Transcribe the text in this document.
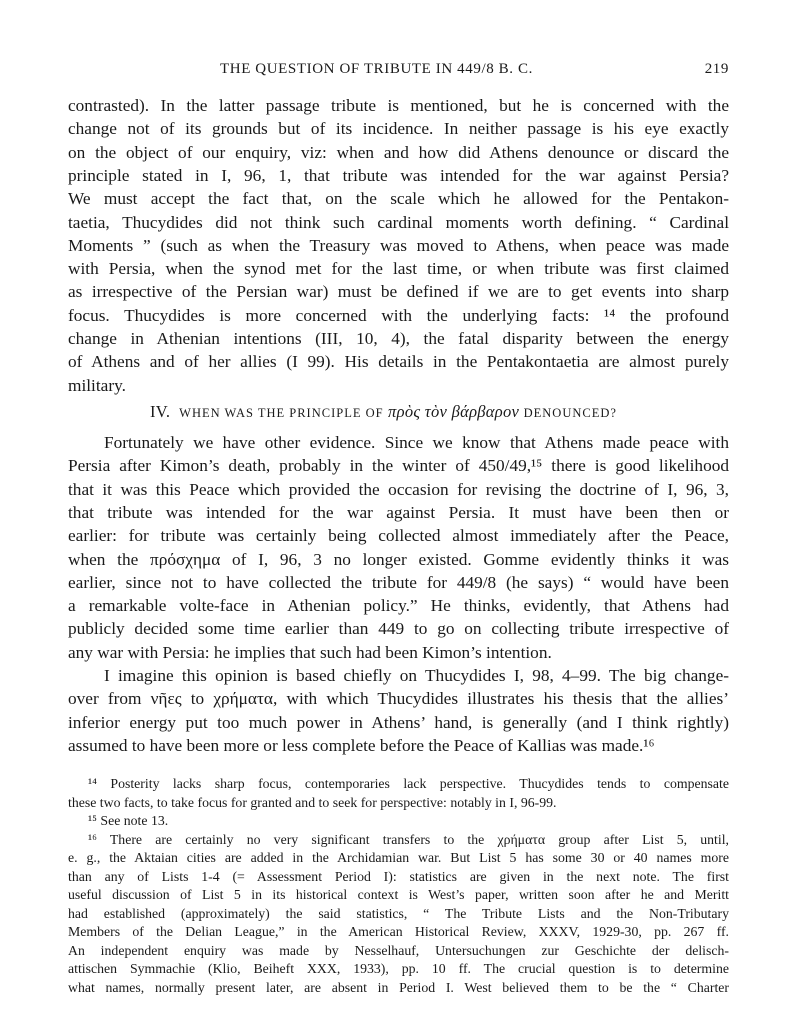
THE QUESTION OF TRIBUTE IN 449/8 B. C.	219
contrasted). In the latter passage tribute is mentioned, but he is concerned with the
change not of its grounds but of its incidence. In neither passage is his eye exactly
on the object of our enquiry, viz: when and how did Athens denounce or discard the
principle stated in I, 96, 1, that tribute was intended for the war against Persia?
We must accept the fact that, on the scale which he allowed for the Pentakon-
taetia, Thucydides did not think such cardinal moments worth defining. “ Cardinal
Moments ” (such as when the Treasury was moved to Athens, when peace was made
with Persia, when the synod met for the last time, or when tribute was first claimed
as irrespective of the Persian war) must be defined if we are to get events into sharp
focus. Thucydides is more concerned with the underlying facts: ¹⁴ the profound
change in Athenian intentions (III, 10, 4), the fatal disparity between the energy
of Athens and of her allies (I 99). His details in the Pentakontaetia are almost purely
military.
IV. WHEN WAS THE PRINCIPLE OF πρὸς τὸν βάρβαρον DENOUNCED?
Fortunately we have other evidence. Since we know that Athens made peace with
Persia after Kimon’s death, probably in the winter of 450/49,¹⁵ there is good likelihood
that it was this Peace which provided the occasion for revising the doctrine of I, 96, 3,
that tribute was intended for the war against Persia. It must have been then or
earlier: for tribute was certainly being collected almost immediately after the Peace,
when the πρόσχημα of I, 96, 3 no longer existed. Gomme evidently thinks it was
earlier, since not to have collected the tribute for 449/8 (he says) “ would have been
a remarkable volte-face in Athenian policy.” He thinks, evidently, that Athens had
publicly decided some time earlier than 449 to go on collecting tribute irrespective of
any war with Persia: he implies that such had been Kimon’s intention.
I imagine this opinion is based chiefly on Thucydides I, 98, 4–99. The big change-
over from νῆες to χρήματα, with which Thucydides illustrates his thesis that the allies’
inferior energy put too much power in Athens’ hand, is generally (and I think rightly)
assumed to have been more or less complete before the Peace of Kallias was made.¹⁶
¹⁴ Posterity lacks sharp focus, contemporaries lack perspective. Thucydides tends to compensate
these two facts, to take focus for granted and to seek for perspective: notably in I, 96-99.
¹⁵ See note 13.
¹⁶ There are certainly no very significant transfers to the χρήματα group after List 5, until,
e. g., the Aktaian cities are added in the Archidamian war. But List 5 has some 30 or 40 names more
than any of Lists 1-4 (= Assessment Period I): statistics are given in the next note. The first
useful discussion of List 5 in its historical context is West’s paper, written soon after he and Meritt
had established (approximately) the said statistics, “ The Tribute Lists and the Non-Tributary
Members of the Delian League,” in the American Historical Review, XXXV, 1929-30, pp. 267 ff.
An independent enquiry was made by Nesselhauf, Untersuchungen zur Geschichte der delisch-
attischen Symmachie (Klio, Beiheft XXX, 1933), pp. 10 ff. The crucial question is to determine
what names, normally present later, are absent in Period I. West believed them to be the “ Charter
